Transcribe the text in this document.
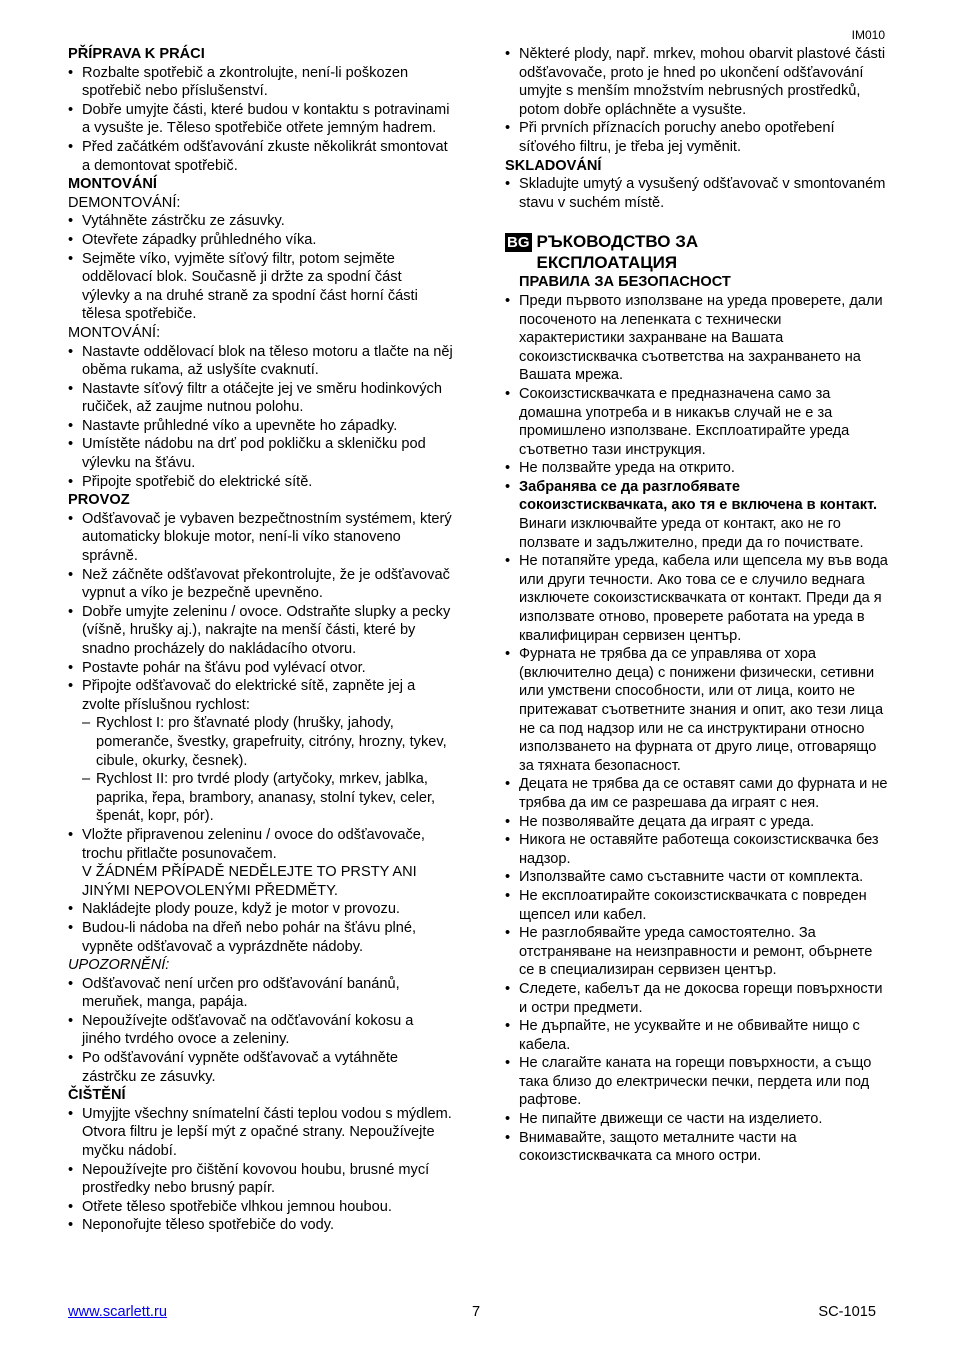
IM010

PŘÍPRAVA K PRÁCI

• Rozbalte spotřebič a zkontrolujte, není-li poškozen spotřebič nebo příslušenství.
• Dobře umyjte části, které budou v kontaktu s potravinami a vysušte je. Těleso spotřebiče otřete jemným hadrem.
• Před začátkém odšťavování zkuste několikrát smontovat a demontovat spotřebič.

MONTOVÁNÍ

DEMONTOVÁNÍ:

• Vytáhněte zástrčku ze zásuvky.
• Otevřete západky průhledného víka.
• Sejměte víko, vyjměte síťový filtr, potom sejměte oddělovací blok. Současně ji držte za spodní část výlevky a na druhé straně za spodní část horní části tělesa spotřebiče.

MONTOVÁNÍ:

• Nastavte oddělovací blok na těleso motoru a tlačte na něj oběma rukama, až uslyšíte cvaknutí.
• Nastavte síťový filtr a otáčejte jej ve směru hodinkových ručiček, až zaujme nutnou polohu.
• Nastavte průhledné víko a upevněte ho západky.
• Umístěte nádobu na drť pod pokličku a skleničku pod výlevku na šťávu.
• Připojte spotřebič do elektrické sítě.

PROVOZ

• Odšťavovač je vybaven bezpečtnostním systémem, který automaticky blokuje motor, není-li víko stanoveno správně.
• Než záčněte odšťavovat překontrolujte, že je odšťavovač vypnut a víko je bezpečně upevněno.
• Dobře umyjte zeleninu / ovoce. Odstraňte slupky a pecky (víšně, hrušky aj.), nakrajte na menší části, které by snadno procházely do nakládacího otvoru.
• Postavte pohár na šťávu pod vylévací otvor.
• Připojte odšťavovač do elektrické sítě, zapněte jej a zvolte příslušnou rychlost:
– Rychlost I: pro šťavnaté plody (hrušky, jahody, pomeranče, švestky, grapefruity, citróny, hrozny, tykev, cibule, okurky, česnek).
– Rychlost II: pro tvrdé plody (artyčoky, mrkev, jablka, paprika, řepa, brambory, ananasy, stolní tykev, celer, špenát, kopr, pór).
• Vložte připravenou zeleninu / ovoce do odšťavovače, trochu přitlačte posunovačem.
V ŽÁDNÉM PŘÍPADĚ NEDĚLEJTE TO PRSTY ANI JINÝMI NEPOVOLENÝMI PŘEDMĚTY.
• Nakládejte plody pouze, když je motor v provozu.
• Budou-li nádoba na dřeň nebo pohár na šťávu plné, vypněte odšťavovač a vyprázdněte nádoby.

UPOZORNĚNÍ:

• Odšťavovač není určen pro odšťavování banánů, meruňek, manga, papája.
• Nepoužívejte odšťavovač na odčťavování kokosu a jiného tvrdého ovoce a zeleniny.
• Po odšťavování vypněte odšťavovač a vytáhněte zástrčku ze zásuvky.

ČIŠTĚNÍ

• Umyjjte všechny snímatelní části teplou vodou s mýdlem. Otvora filtru je lepší mýt z opačné strany. Nepoužívejte myčku nádobí.
• Nepoužívejte pro čištění kovovou houbu, brusné mycí prostředky nebo brusný papír.
• Otřete těleso spotřebiče vlhkou jemnou houbou.
• Neponořujte těleso spotřebiče do vody.
• Některé plody, např. mrkev, mohou obarvit plastové části odšťavovače, proto je hned po ukončení odšťavování umyjte s menším množstvím nebrusných prostředků, potom dobře opláchněte a vysušte.
• Při prvních příznacích poruchy anebo opotřebení síťového filtru, je třeba jej vyměnit.

SKLADOVÁNÍ

• Skladujte umytý a vysušený odšťavovač v smontovaném stavu v suchém místě.
BG РЪКОВОДСТВО ЗА
ЕКСПЛОАТАЦИЯ

ПРАВИЛА ЗА БЕЗОПАСНОСТ

• Преди първото използване на уреда проверете, дали посоченото на лепенката с технически характеристики захранване на Вашата сокоизстисквачка съответства на захранването на Вашата мрежа.
• Сокоизстисквачката е предназначена само за домашна употреба и в никакъв случай не е за промишлено използване. Експлоатирайте уреда съответно тази инструкция.
• Не ползвайте уреда на открито.
• Забранява се да разглобявате сокоизстисквачката, ако тя е включена в контакт. Винаги изключвайте уреда от контакт, ако не го ползвате и задължително, преди да го почиствате.
• Не потапяйте уреда, кабела или щепсела му във вода или други течности. Ако това се е случило веднага изключете сокоизстисквачката от контакт. Преди да я използвате отново, проверете работата на уреда в квалифициран сервизен център.
• Фурната не трябва да се управлява от хора (включително деца) с понижени физически, сетивни или умствени способности, или от лица, които не притежават съответните знания и опит, ако тези лица не са под надзор или не са инструктирани относно използването на фурната от друго лице, отговарящо за тяхната безопасност.
• Децата не трябва да се оставят сами до фурната и не трябва да им се разрешава да играят с нея.
• Не позволявайте децата да играят с уреда.
• Никога не оставяйте работеща сокоизстисквачка без надзор.
• Използвайте само съставните части от комплекта.
• Не експлоатирайте сокоизстисквачката с повреден щепсел или кабел.
• Не разглобявайте уреда самостоятелно. За отстраняване на неизправности и ремонт, обърнете се в специализиран сервизен център.
• Следете, кабелът да не докосва горещи повърхности и остри предмети.
• Не дърпайте, не усуквайте и не обвивайте нищо с кабела.
• Не слагайте каната на горещи повърхности, а също така близо до електрически печки, пердета или под рафтове.
• Не пипайте движещи се части на изделието.
• Внимавайте, защото металните части на сокоизстисквачката са много остри.
www.scarlett.ru	7	SC-1015
